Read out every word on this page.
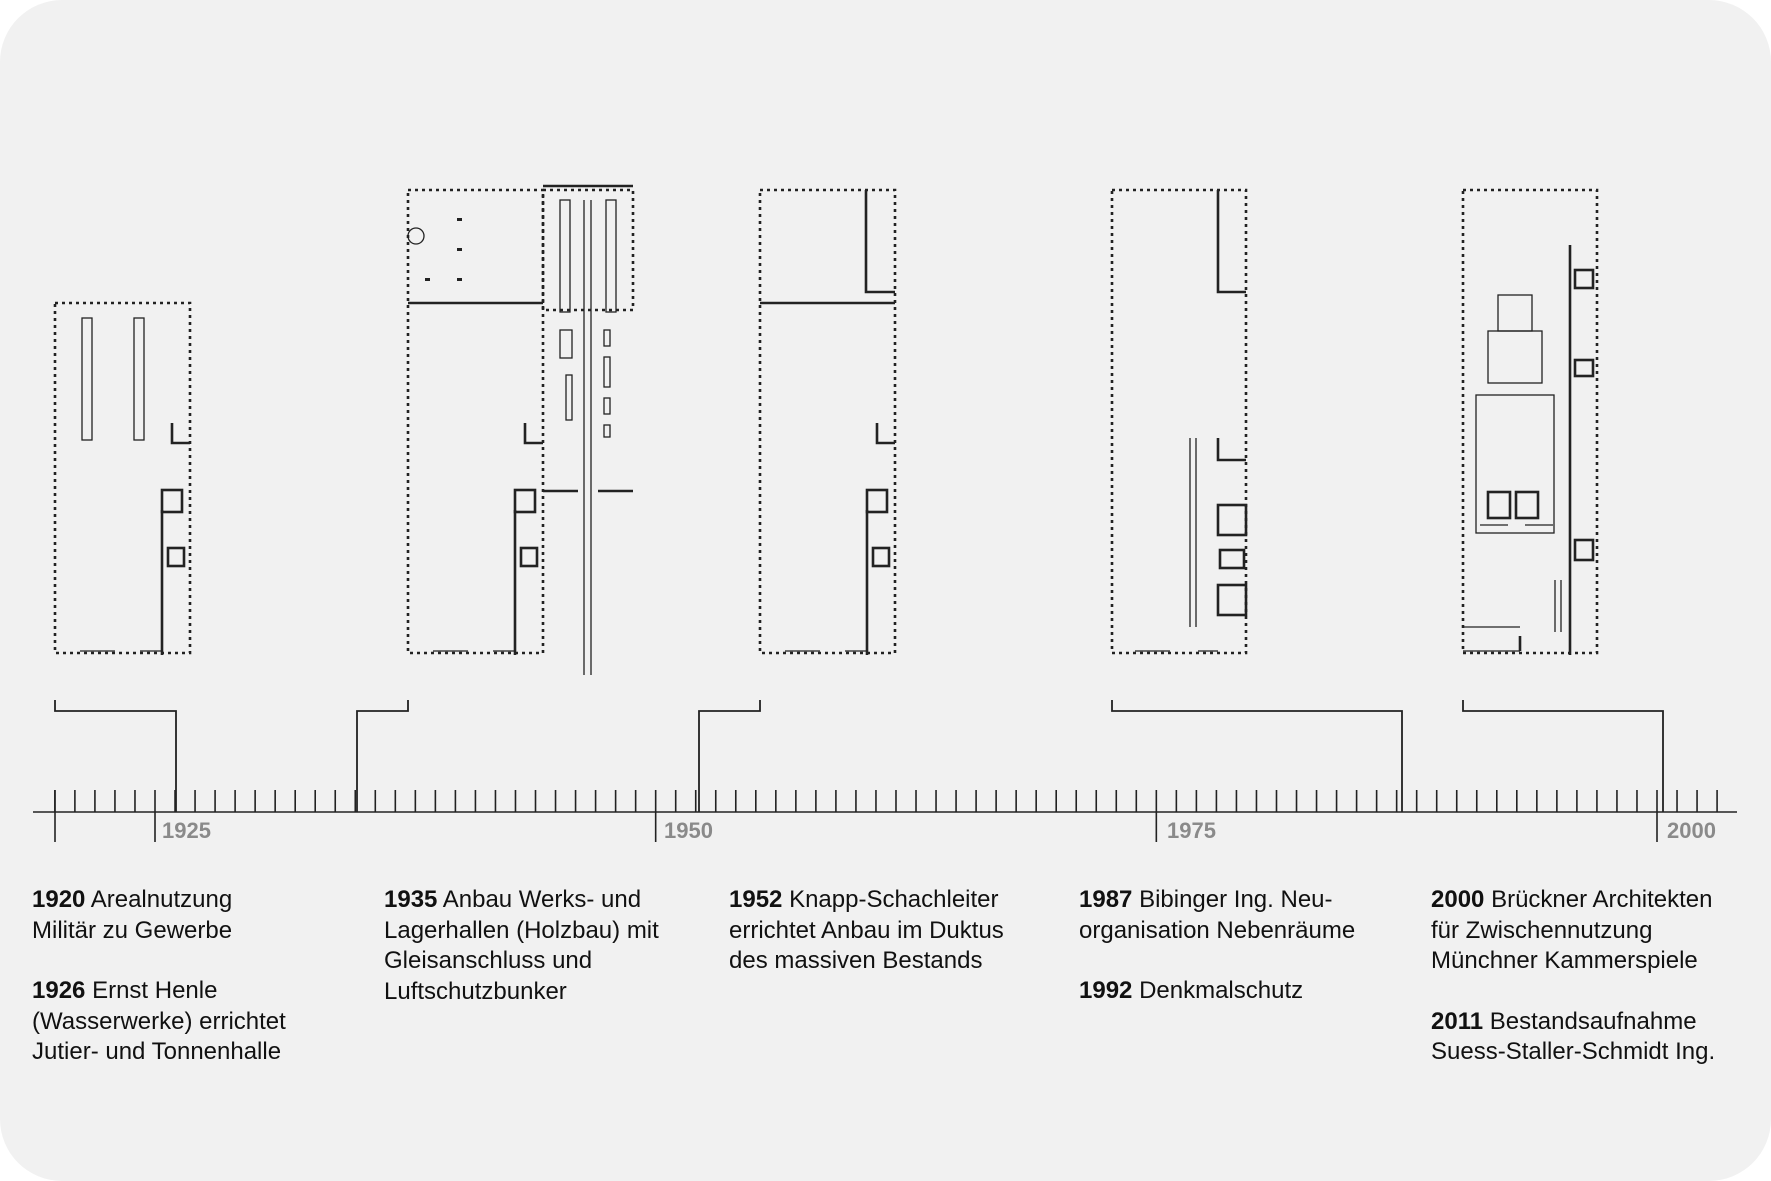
1925	1950	1975	2000
1920 Arealnutzung
Militär zu Gewerbe
1926 Ernst Henle
(Wasserwerke) errichtet
Jutier- und Tonnenhalle
1935 Anbau Werks- und
Lagerhallen (Holzbau) mit
Gleisanschluss und
Luftschutzbunker
1952 Knapp-Schachleiter
errichtet Anbau im Duktus
des massiven Bestands
1987 Bibinger Ing. Neu-
organisation Nebenräume
1992 Denkmalschutz
2000 Brückner Architekten
für Zwischennutzung
Münchner Kammerspiele
2011 Bestandsaufnahme
Suess-Staller-Schmidt Ing.
